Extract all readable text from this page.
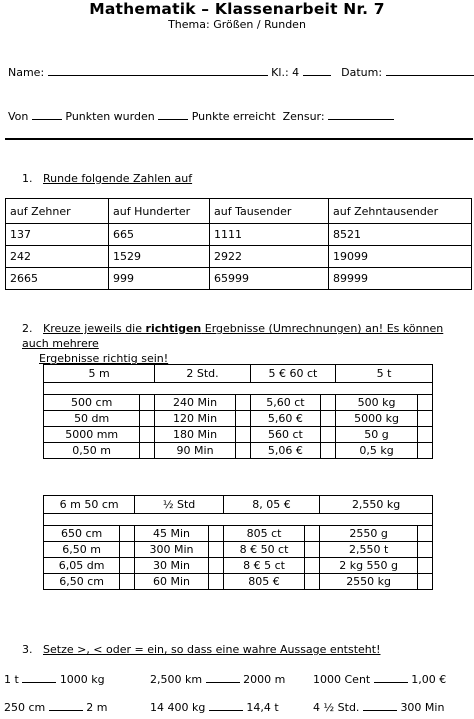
Mathematik – Klassenarbeit Nr. 7
Thema: Größen / Runden
Name:	Kl.: 4	Datum:
Von	Punkten wurden	Punkte erreicht Zensur:
1. Runde folgende Zahlen auf
auf Zehner	auf Hunderter	auf Tausender	auf Zehntausender
137	665	1111	8521
242	1529	2922	19099
2665	999	65999	89999
2. Kreuze jeweils die richtigen Ergebnisse (Umrechnungen) an! Es können auch mehrere
Ergebnisse richtig sein!
5 m		2 Std.		5 € 60 ct		5 t	

500 cm		240 Min		5,60 ct		500 kg	
50 dm		120 Min		5,60 €		5000 kg	
5000 mm		180 Min		560 ct		50 g	
0,50 m		90 Min		5,06 €		0,5 kg	
6 m 50 cm		½ Std		8, 05 €		2,550 kg	

650 cm		45 Min		805 ct		2550 g	
6,50 m		300 Min		8 € 50 ct		2,550 t	
6,05 dm		30 Min		8 € 5 ct		2 kg 550 g	
6,50 cm		60 Min		805 €		2550 kg	
3. Setze >, < oder = ein, so dass eine wahre Aussage entsteht!
1 t	1000 kg	2,500 km	2000 m	1000 Cent	1,00 €
250 cm	2 m	14 400 kg	14,4 t	4 ½ Std.	300 Min
